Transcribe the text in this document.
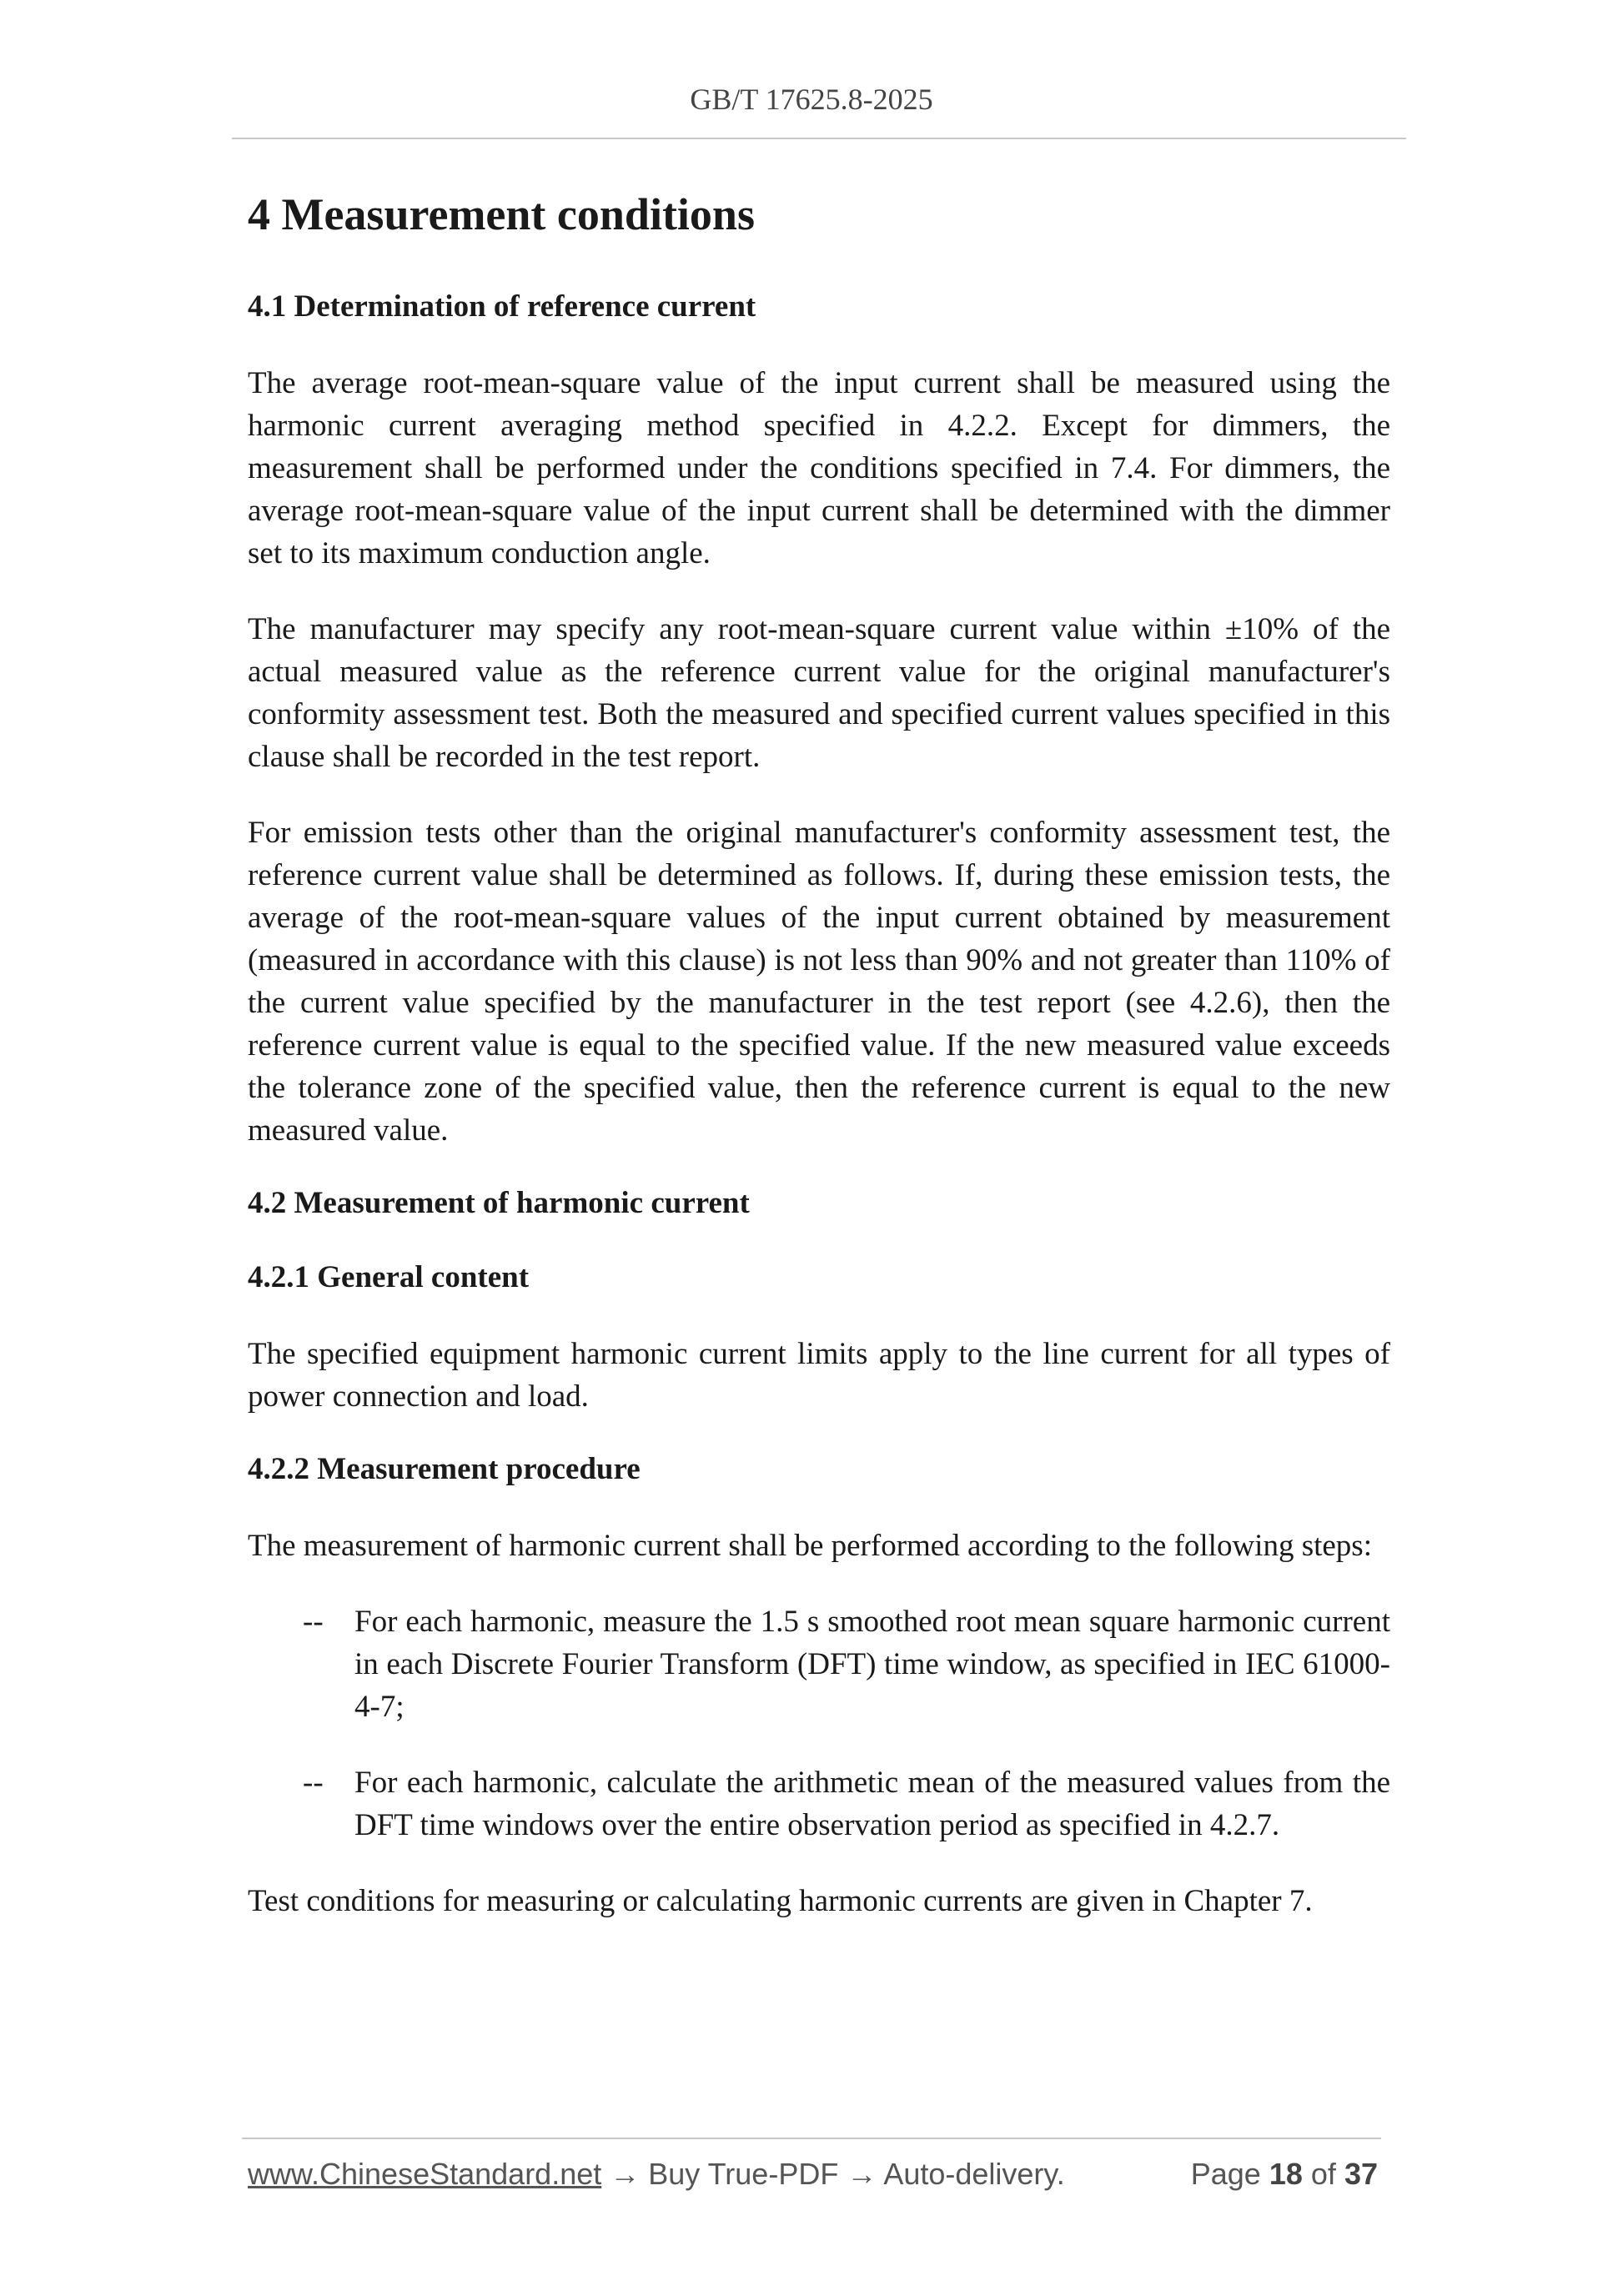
GB/T 17625.8-2025
4 Measurement conditions
4.1 Determination of reference current

The average root-mean-square value of the input current shall be measured using the harmonic current averaging method specified in 4.2.2. Except for dimmers, the measurement shall be performed under the conditions specified in 7.4. For dimmers, the average root-mean-square value of the input current shall be determined with the dimmer set to its maximum conduction angle.

The manufacturer may specify any root-mean-square current value within ±10% of the actual measured value as the reference current value for the original manufacturer's conformity assessment test. Both the measured and specified current values specified in this clause shall be recorded in the test report.

For emission tests other than the original manufacturer's conformity assessment test, the reference current value shall be determined as follows. If, during these emission tests, the average of the root-mean-square values of the input current obtained by measurement (measured in accordance with this clause) is not less than 90% and not greater than 110% of the current value specified by the manufacturer in the test report (see 4.2.6), then the reference current value is equal to the specified value. If the new measured value exceeds the tolerance zone of the specified value, then the reference current is equal to the new measured value.

4.2 Measurement of harmonic current
4.2.1 General content

The specified equipment harmonic current limits apply to the line current for all types of power connection and load.

4.2.2 Measurement procedure

The measurement of harmonic current shall be performed according to the following steps:

--	For each harmonic, measure the 1.5 s smoothed root mean square harmonic current in each Discrete Fourier Transform (DFT) time window, as specified in IEC 61000-4-7;
--	For each harmonic, calculate the arithmetic mean of the measured values from the DFT time windows over the entire observation period as specified in 4.2.7.

Test conditions for measuring or calculating harmonic currents are given in Chapter 7.

www.ChineseStandard.net → Buy True-PDF → Auto-delivery.	Page 18 of 37
